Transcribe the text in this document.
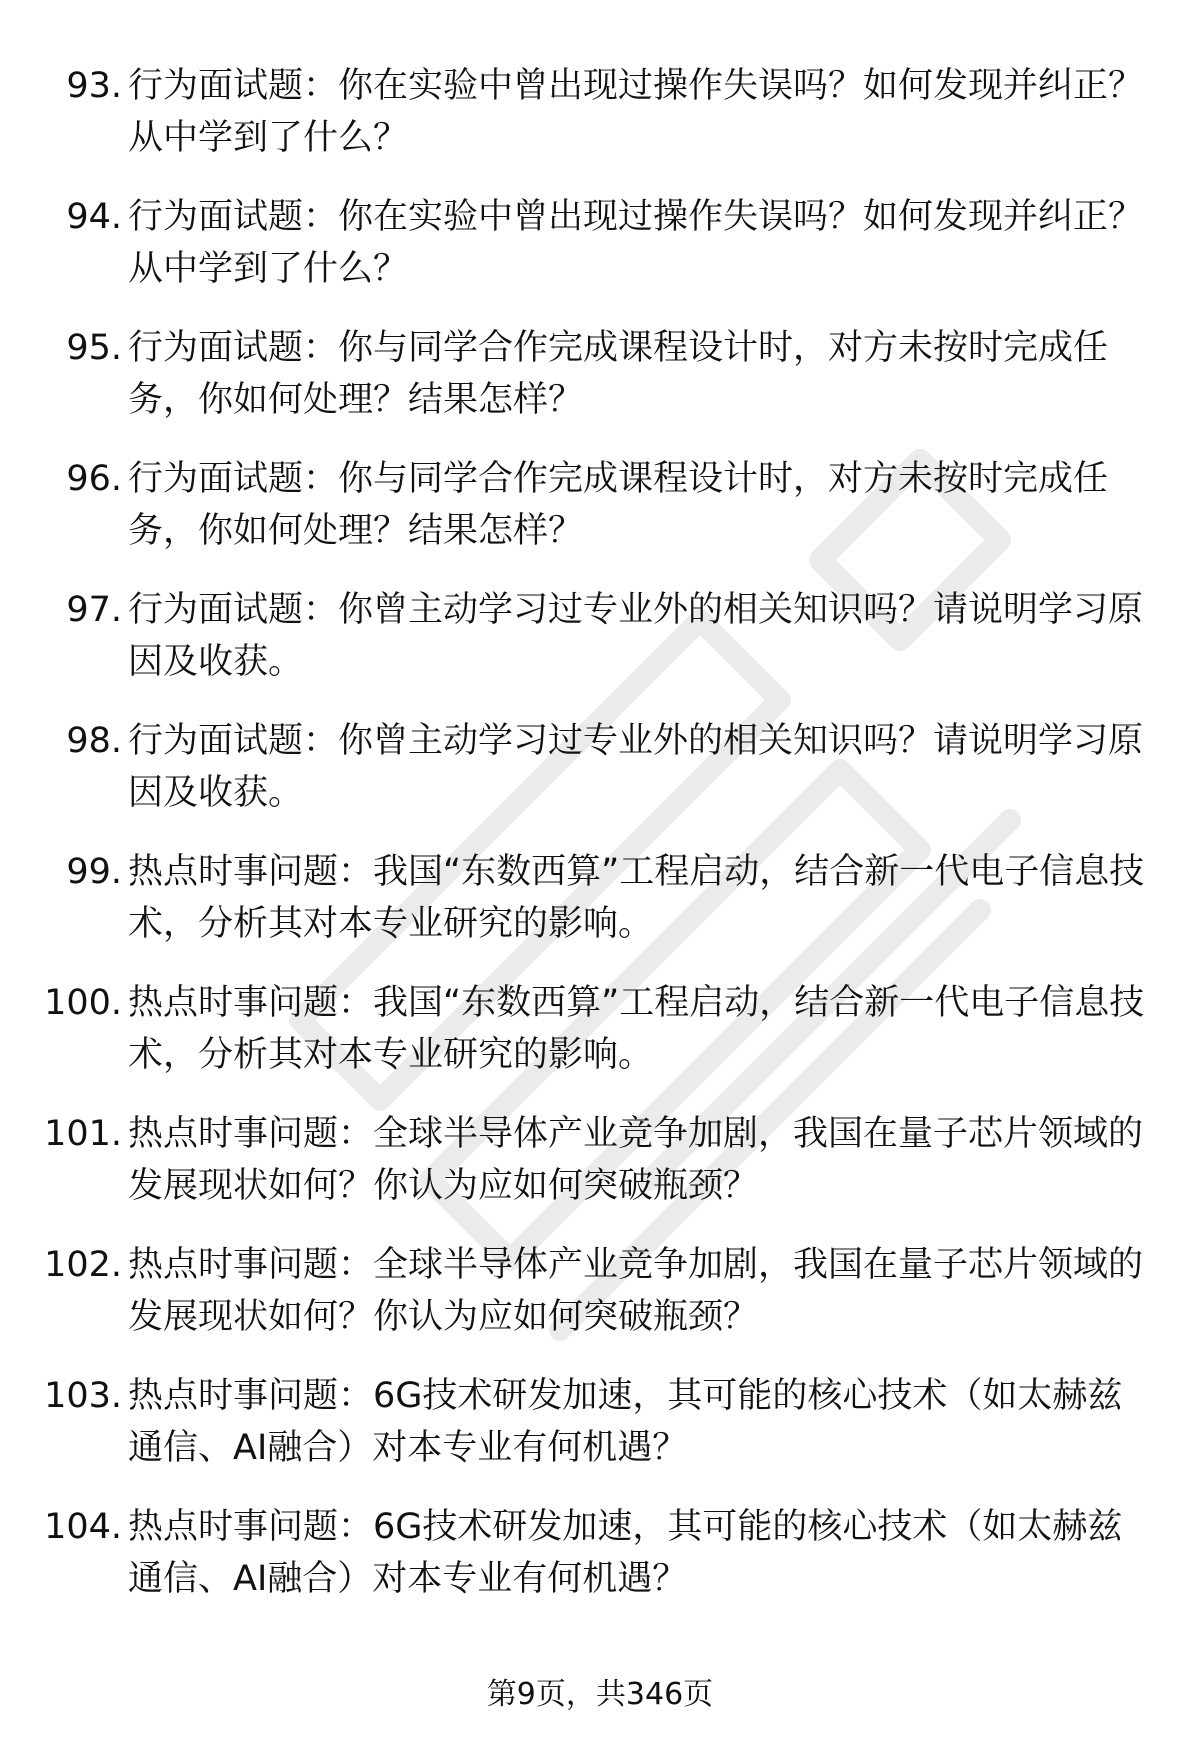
93. 行为面试题：你在实验中曾出现过操作失误吗？如何发现并纠正？从中学到了什么？
94. 行为面试题：你在实验中曾出现过操作失误吗？如何发现并纠正？从中学到了什么？
95. 行为面试题：你与同学合作完成课程设计时，对方未按时完成任务，你如何处理？结果怎样？
96. 行为面试题：你与同学合作完成课程设计时，对方未按时完成任务，你如何处理？结果怎样？
97. 行为面试题：你曾主动学习过专业外的相关知识吗？请说明学习原因及收获。
98. 行为面试题：你曾主动学习过专业外的相关知识吗？请说明学习原因及收获。
99. 热点时事问题：我国“东数西算”工程启动，结合新一代电子信息技术，分析其对本专业研究的影响。
100. 热点时事问题：我国“东数西算”工程启动，结合新一代电子信息技术，分析其对本专业研究的影响。
101. 热点时事问题：全球半导体产业竞争加剧，我国在量子芯片领域的发展现状如何？你认为应如何突破瓶颈？
102. 热点时事问题：全球半导体产业竞争加剧，我国在量子芯片领域的发展现状如何？你认为应如何突破瓶颈？
103. 热点时事问题：6G技术研发加速，其可能的核心技术（如太赫兹通信、AI融合）对本专业有何机遇？
104. 热点时事问题：6G技术研发加速，其可能的核心技术（如太赫兹通信、AI融合）对本专业有何机遇？
第9页，共346页
